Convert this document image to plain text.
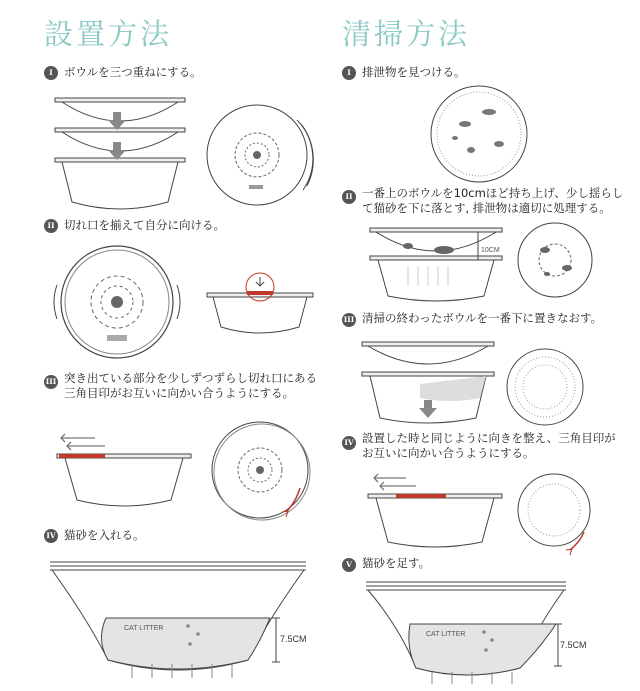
設置方法
I ボウルを三つ重ねにする。
II 切れ口を揃えて自分に向ける。
III 突き出ている部分を少しずつずらし切れ口にある
三角目印がお互いに向かい合うようにする。
IV 猫砂を入れる。
CAT LITTER
7.5CM
清掃方法
I 排泄物を見つける。
II 一番上のボウルを10cmほど持ち上げ、少し揺らし
て猫砂を下に落とす, 排泄物は適切に処理する。
10CM
III 清掃の終わったボウルを一番下に置きなおす。
IV 設置した時と同じように向きを整え、三角目印が
お互いに向かい合うようにする。
V 猫砂を足す。
CAT LITTER
7.5CM
